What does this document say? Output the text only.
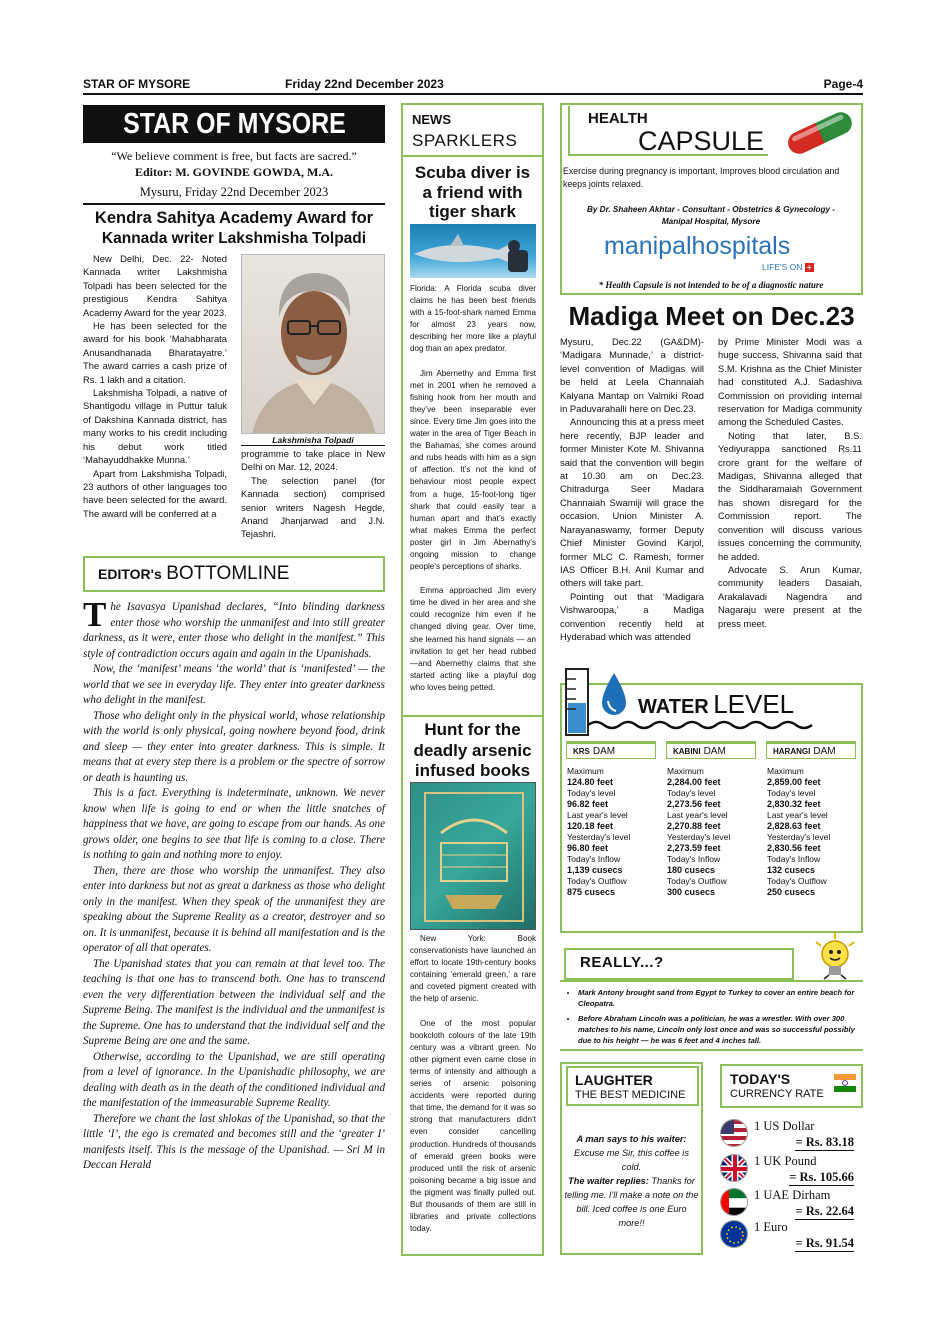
STAR OF MYSORE	Friday 22nd December 2023	Page-4
STAR OF MYSORE
“We believe comment is free, but facts are sacred.”
Editor: M. GOVINDE GOWDA, M.A.
Mysuru, Friday 22nd December 2023
Kendra Sahitya Academy Award for
Kannada writer Lakshmisha Tolpadi

New Delhi, Dec. 22- Noted Kannada writer Lakshmisha Tolpadi has been selected for the prestigious Kendra Sahitya Academy Award for the year 2023.

He has been selected for the award for his book ‘Mahabharata Anusandhanada Bharatayatre.’ The award carries a cash prize of Rs. 1 lakh and a citation.

Lakshmisha Tolpadi, a native of Shantigodu village in Puttur taluk of Dakshina Kannada district, has many works to his credit including his debut work titled ‘Mahayuddhakke Munna.’

Apart from Lakshmisha Tolpadi, 23 authors of other languages too have been selected for the award. The award will be conferred at a

Lakshmisha Tolpadi

programme to take place in New Delhi on Mar. 12, 2024.

The selection panel (for Kannada section) comprised senior writers Nagesh Hegde, Anand Jhanjarwad and J.N. Tejashri.

EDITOR's BOTTOMLINE

The Isavasya Upanishad declares, “Into blinding darkness enter those who worship the unmanifest and into still greater darkness, as it were, enter those who delight in the manifest.” This style of contradiction occurs again and again in the Upanishads.

Now, the ‘manifest’ means ‘the world’ that is ‘manifested’ — the world that we see in everyday life. They enter into greater darkness who delight in the manifest.

Those who delight only in the physical world, whose relationship with the world is only physical, going nowhere beyond food, drink and sleep — they enter into greater darkness. This is simple. It means that at every step there is a problem or the spectre of sorrow or death is haunting us.

This is a fact. Everything is indeterminate, unknown. We never know when life is going to end or when the little snatches of happiness that we have, are going to escape from our hands. As one grows older, one begins to see that life is coming to a close. There is nothing to gain and nothing more to enjoy.

Then, there are those who worship the unmanifest. They also enter into darkness but not as great a darkness as those who delight only in the manifest. When they speak of the unmanifest they are speaking about the Supreme Reality as a creator, destroyer and so on. It is unmanifest, because it is behind all manifestation and is the operator of all that operates.

The Upanishad states that you can remain at that level too. The teaching is that one has to transcend both. One has to transcend even the very differentiation between the individual self and the Supreme Being. The manifest is the individual and the unmanifest is the Supreme. One has to understand that the individual self and the Supreme Being are one and the same.

Otherwise, according to the Upanishad, we are still operating from a level of ignorance. In the Upanishadic philosophy, we are dealing with death as in the death of the conditioned individual and the manifestation of the immeasurable Supreme Reality.

Therefore we chant the last shlokas of the Upanishad, so that the little ‘I’, the ego is cremated and becomes still and the ‘greater I’ manifests itself. This is the message of the Upanishad. — Sri M in Deccan Herald

NEWS
SPARKLERS
Scuba diver is a friend with tiger shark

Florida: A Florida scuba diver claims he has been best friends with a 15-foot-shark named Emma for almost 23 years now, describing her more like a playful dog than an apex predator.

Jim Abernethy and Emma first met in 2001 when he removed a fishing hook from her mouth and they’ve been inseparable ever since. Every time Jim goes into the water in the area of Tiger Beach in the Bahamas, she comes around and rubs heads with him as a sign of affection. It’s not the kind of behaviour most people expect from a huge, 15-foot-long tiger shark that could easily tear a human apart and that’s exactly what makes Emma the perfect poster girl in Jim Abernathy’s ongoing mission to change people’s perceptions of sharks.

Emma approached Jim every time he dived in her area and she could recognize him even if he changed diving gear. Over time, she learned his hand signals — an invitation to get her head rubbed —and Abernethy claims that she started acting like a playful dog who loves being petted.

Hunt for the deadly arsenic infused books

New York: Book conservationists have launched an effort to locate 19th-century books containing ‘emerald green,’ a rare and coveted pigment created with the help of arsenic.

One of the most popular bookcloth colours of the late 19th century was a vibrant green. No other pigment even came close in terms of intensity and although a series of arsenic poisoning accidents were reported during that time, the demand for it was so strong that manufacturers didn’t even consider cancelling production. Hundreds of thousands of emerald green books were produced until the risk of arsenic poisoning became a big issue and the pigment was finally pulled out. But thousands of them are still in libraries and private collections today.

HEALTH
CAPSULE
Exercise during pregnancy is important, Improves blood circulation and keeps joints relaxed.
By Dr. Shaheen Akhtar - Consultant - Obstetrics & Gynecology -
Manipal Hospital, Mysore
manipalhospitals
LIFE'S ON +
* Health Capsule is not intended to be of a diagnostic nature
Madiga Meet on Dec.23

Mysuru, Dec.22 (GA&DM)- ‘Madigara Munnade,’ a district-level convention of Madigas will be held at Leela Channaiah Kalyana Mantap on Valmiki Road in Paduvarahalli here on Dec.23.

Announcing this at a press meet here recently, BJP leader and former Minister Kote M. Shivanna said that the convention will begin at 10.30 am on Dec.23. Chitradurga Seer Madara Channaiah Swamiji will grace the occasion. Union Minister A. Narayanaswamy, former Deputy Chief Minister Govind Karjol, former MLC C. Ramesh, former IAS Officer B.H. Anil Kumar and others will take part.

Pointing out that ‘Madigara Vishwaroopa,’ a Madiga convention recently held at Hyderabad which was attended

by Prime Minister Modi was a huge success, Shivanna said that S.M. Krishna as the Chief Minister had constituted A.J. Sadashiva Commission on providing internal reservation for Madiga community among the Scheduled Castes.

Noting that later, B.S. Yediyurappa sanctioned Rs.11 crore grant for the welfare of Madigas, Shivanna alleged that the Siddharamaiah Government has shown disregard for the Commission report. The convention will discuss various issues concerning the community, he added.

Advocate S. Arun Kumar, community leaders Dasaiah, Arakalavadi Nagendra and Nagaraju were present at the press meet.

WATER LEVEL
KRS DAM
Maximum
124.80 feet
Today's level
96.82 feet
Last year's level
120.18 feet
Yesterday's level
96.80 feet
Today's Inflow
1,139 cusecs
Today's Outflow
875 cusecs
KABINI DAM
Maximum
2,284.00 feet
Today's level
2,273.56 feet
Last year's level
2,270.88 feet
Yesterday's level
2,273.59 feet
Today's Inflow
180 cusecs
Today's Outflow
300 cusecs
HARANGI DAM
Maximum
2,859.00 feet
Today's level
2,830.32 feet
Last year's level
2,828.63 feet
Yesterday's level
2,830.56 feet
Today's Inflow
132 cusecs
Today's Outflow
250 cusecs
REALLY...?
• Mark Antony brought sand from Egypt to Turkey to cover an entire beach for Cleopatra.
• Before Abraham Lincoln was a politician, he was a wrestler. With over 300 matches to his name, Lincoln only lost once and was so successful possibly due to his height — he was 6 feet and 4 inches tall.
LAUGHTER
THE BEST MEDICINE
A man says to his waiter:
Excuse me Sir, this coffee is cold.
The waiter replies: Thanks for telling me. I'll make a note on the bill. Iced coffee is one Euro more!!
TODAY'S
CURRENCY RATE
1 US Dollar
= Rs. 83.18
1 UK Pound
= Rs. 105.66
1 UAE Dirham
= Rs. 22.64
1 Euro
= Rs. 91.54
